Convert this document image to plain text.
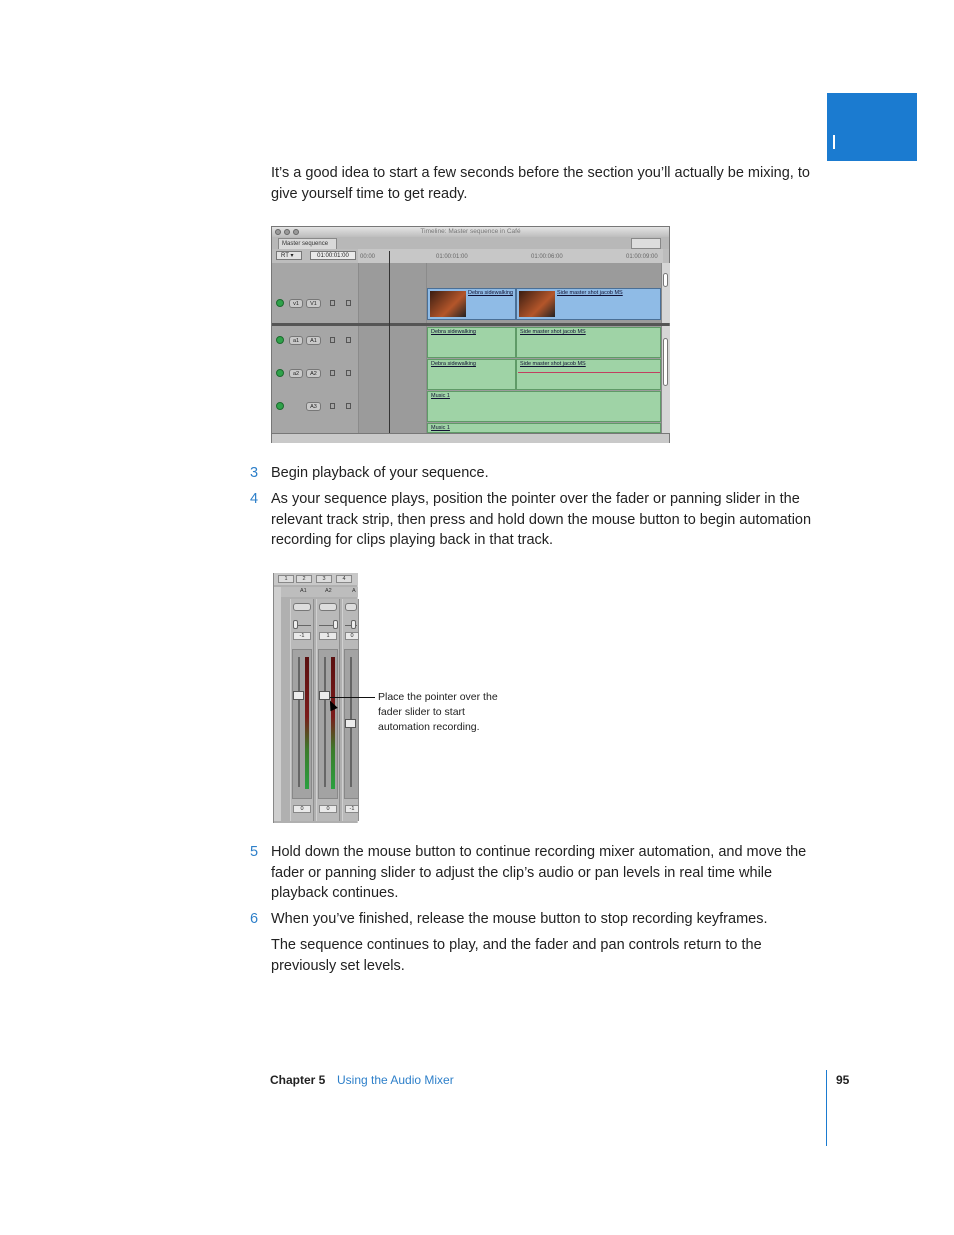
It’s a good idea to start a few seconds before the section you’ll actually be mixing, to give yourself time to get ready.

Timeline: Master sequence in Café
Master sequence
RT ▾	01:00:01:00	00:00	01:00:01:00	01:00:06:00	01:00:09:00
v1	V1
Debra sidewalking	Side master shot jacob MS
a1	A1
Debra sidewalking	Side master shot jacob MS
a2	A2
Debra sidewalking	Side master shot jacob MS
A3
Music 1
Music 1
3 Begin playback of your sequence.

4 As your sequence plays, position the pointer over the fader or panning slider in the relevant track strip, then press and hold down the mouse button to begin automation recording for clips playing back in that track.

1	2	3	4
A1	A2	A
-1
0
1
0
0
-1
Place the pointer over the fader slider to start automation recording.
5 Hold down the mouse button to continue recording mixer automation, and move the fader or panning slider to adjust the clip’s audio or pan levels in real time while playback continues.

6 When you’ve finished, release the mouse button to stop recording keyframes.

The sequence continues to play, and the fader and pan controls return to the previously set levels.

Chapter 5 Using the Audio Mixer	95
